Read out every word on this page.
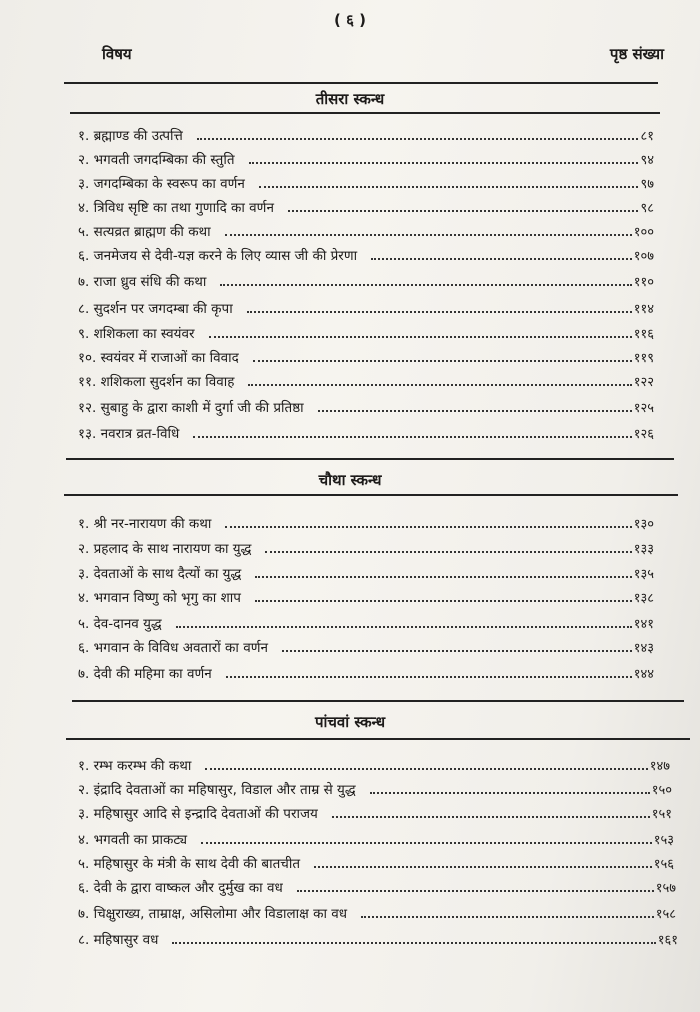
( ६ )
विषय	पृष्ठ संख्या
तीसरा स्कन्ध
१. ब्रह्माण्ड की उत्पत्ति	८१
२. भगवती जगदम्बिका की स्तुति	९४
३. जगदम्बिका के स्वरूप का वर्णन	९७
४. त्रिविध सृष्टि का तथा गुणादि का वर्णन	९८
५. सत्यव्रत ब्राह्मण की कथा	१००
६. जनमेजय से देवी-यज्ञ करने के लिए व्यास जी की प्रेरणा	१०७
७. राजा ध्रुव संधि की कथा	११०
८. सुदर्शन पर जगदम्बा की कृपा	११४
९. शशिकला का स्वयंवर	११६
१०. स्वयंवर में राजाओं का विवाद	११९
११. शशिकला सुदर्शन का विवाह	१२२
१२. सुबाहु के द्वारा काशी में दुर्गा जी की प्रतिष्ठा	१२५
१३. नवरात्र व्रत-विधि	१२६
चौथा स्कन्ध
१. श्री नर-नारायण की कथा	१३०
२. प्रहलाद के साथ नारायण का युद्ध	१३३
३. देवताओं के साथ दैत्यों का युद्ध	१३५
४. भगवान विष्णु को भृगु का शाप	१३८
५. देव-दानव युद्ध	१४१
६. भगवान के विविध अवतारों का वर्णन	१४३
७. देवी की महिमा का वर्णन	१४४
पांचवां स्कन्ध
१. रम्भ करम्भ की कथा	१४७
२. इंद्रादि देवताओं का महिषासुर, विडाल और ताम्र से युद्ध	१५०
३. महिषासुर आदि से इन्द्रादि देवताओं की पराजय	१५१
४. भगवती का प्राकट्य	१५३
५. महिषासुर के मंत्री के साथ देवी की बातचीत	१५६
६. देवी के द्वारा वाष्कल और दुर्मुख का वध	१५७
७. चिक्षुराख्य, ताम्राक्ष, असिलोमा और विडालाक्ष का वध	१५८
८. महिषासुर वध	१६१
